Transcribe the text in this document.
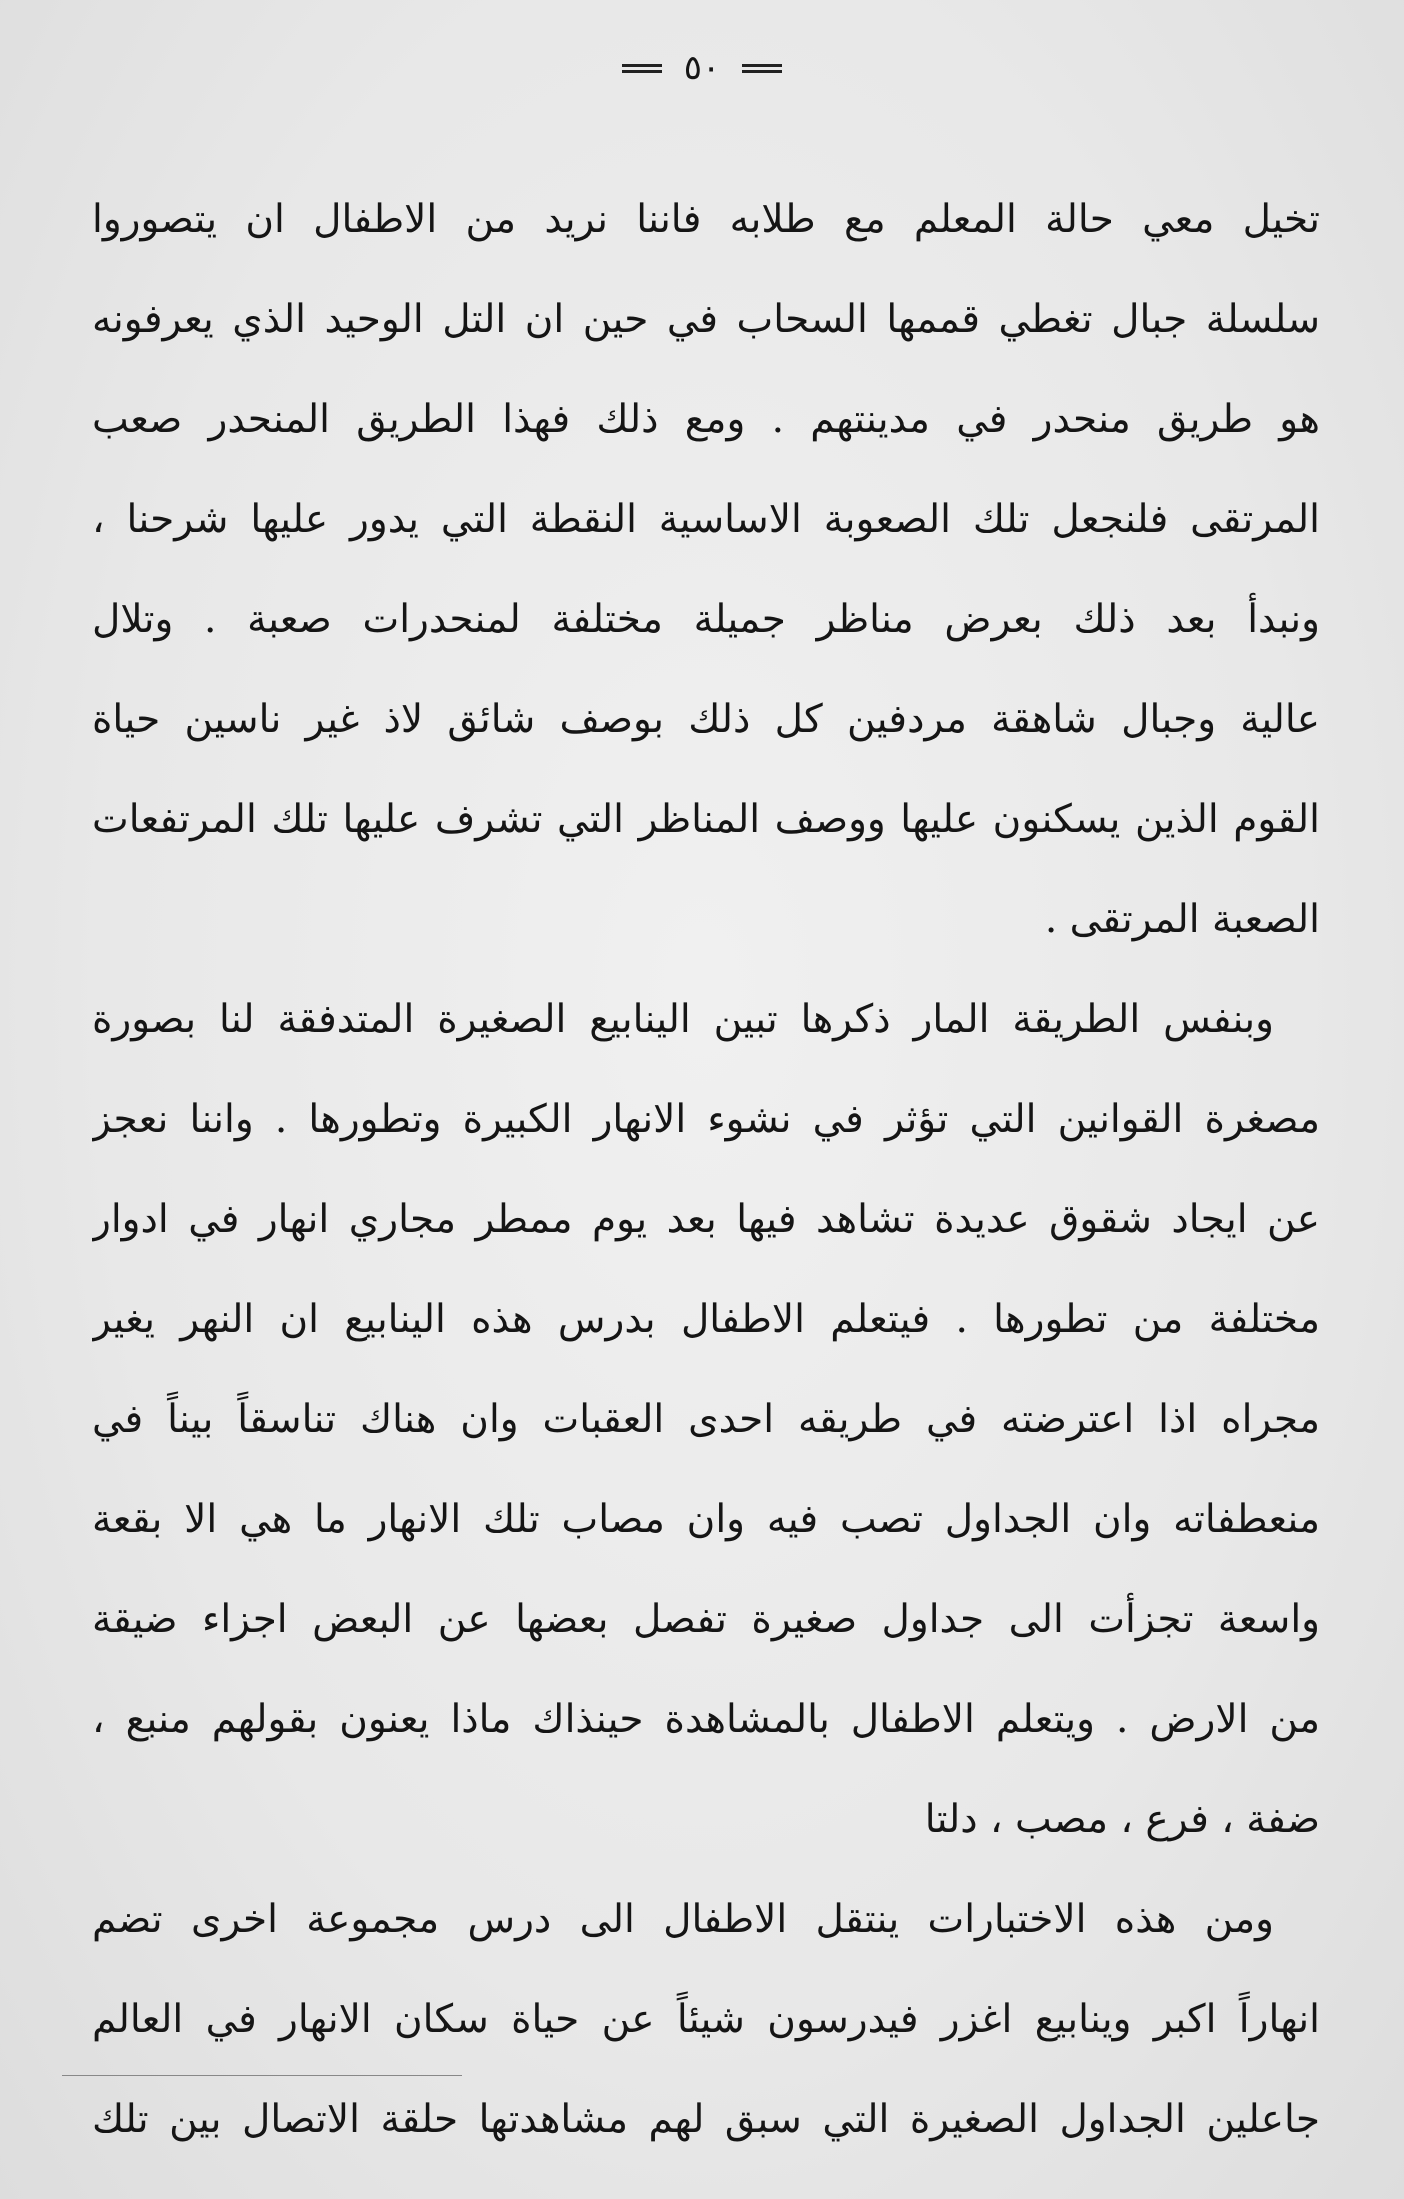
٥٠
تخيل معي حالة المعلم مع طلابه فاننا نريد من الاطفال ان يتصوروا
سلسلة جبال تغطي قممها السحاب في حين ان التل الوحيد الذي يعرفونه
هو طريق منحدر في مدينتهم . ومع ذلك فهذا الطريق المنحدر صعب
المرتقى فلنجعل تلك الصعوبة الاساسية النقطة التي يدور عليها شرحنا ،
ونبدأ بعد ذلك بعرض مناظر جميلة مختلفة لمنحدرات صعبة . وتلال
عالية وجبال شاهقة مردفين كل ذلك بوصف شائق لاذ غير ناسين حياة
القوم الذين يسكنون عليها ووصف المناظر التي تشرف عليها تلك المرتفعات
الصعبة المرتقى .
وبنفس الطريقة المار ذكرها تبين الينابيع الصغيرة المتدفقة لنا بصورة
مصغرة القوانين التي تؤثر في نشوء الانهار الكبيرة وتطورها . واننا نعجز
عن ايجاد شقوق عديدة تشاهد فيها بعد يوم ممطر مجاري انهار في ادوار
مختلفة من تطورها . فيتعلم الاطفال بدرس هذه الينابيع ان النهر يغير
مجراه اذا اعترضته في طريقه احدى العقبات وان هناك تناسقاً بيناً في
منعطفاته وان الجداول تصب فيه وان مصاب تلك الانهار ما هي الا بقعة
واسعة تجزأت الى جداول صغيرة تفصل بعضها عن البعض اجزاء ضيقة
من الارض . ويتعلم الاطفال بالمشاهدة حينذاك ماذا يعنون بقولهم منبع ،
ضفة ، فرع ، مصب ، دلتا
ومن هذه الاختبارات ينتقل الاطفال الى درس مجموعة اخرى تضم
انهاراً اكبر وينابيع اغزر فيدرسون شيئاً عن حياة سكان الانهار في العالم
جاعلين الجداول الصغيرة التي سبق لهم مشاهدتها حلقة الاتصال بين تلك
